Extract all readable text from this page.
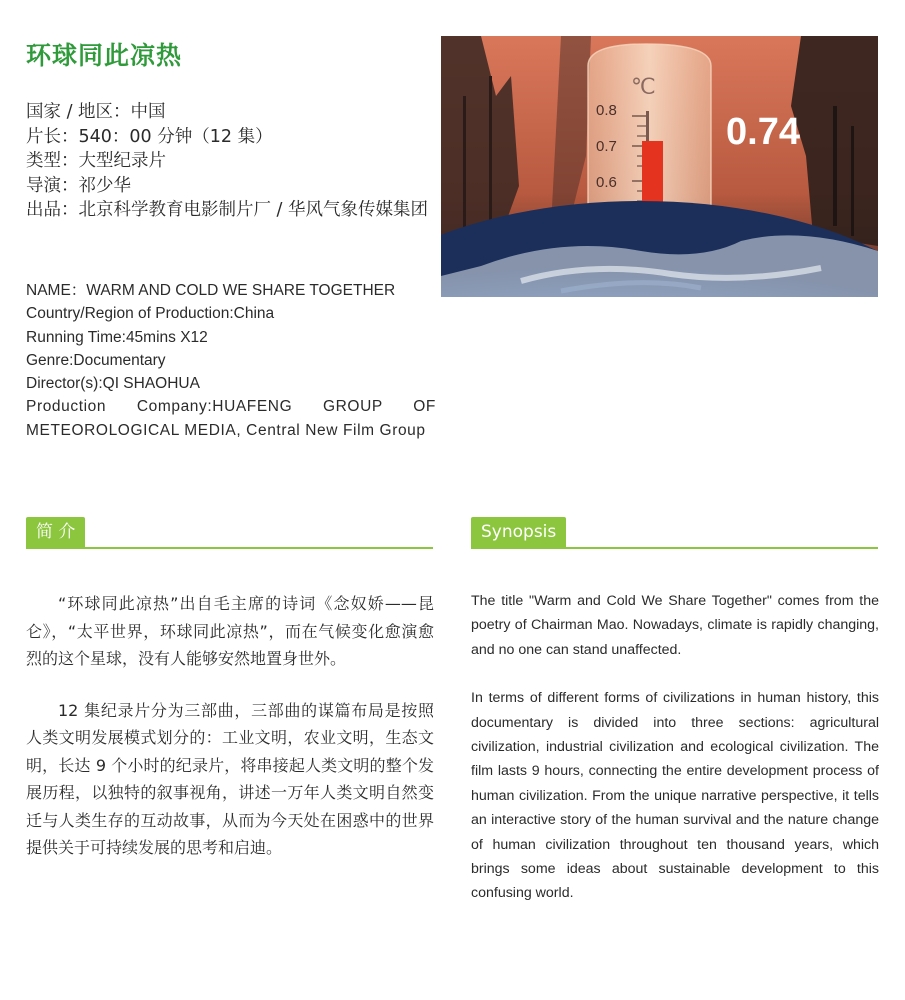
环球同此凉热
国家 / 地区：中国
片长：540：00 分钟（12 集）
类型：大型纪录片
导演：祁少华
出品：北京科学教育电影制片厂 / 华风气象传媒集团
NAME：WARM AND COLD WE SHARE TOGETHER
Country/Region of Production:China
Running Time:45mins X12
Genre:Documentary
Director(s):QI SHAOHUA
Production Company:HUAFENG GROUP OF METEOROLOGICAL MEDIA, Central New Film Group
℃
0.8
0.7
0.6
0.74
简 介	Synopsis

“环球同此凉热”出自毛主席的诗词《念奴娇——昆仑》，“太平世界，环球同此凉热”，而在气候变化愈演愈烈的这个星球，没有人能够安然地置身世外。

12 集纪录片分为三部曲，三部曲的谋篇布局是按照人类文明发展模式划分的：工业文明，农业文明，生态文明，长达 9 个小时的纪录片，将串接起人类文明的整个发展历程，以独特的叙事视角，讲述一万年人类文明自然变迁与人类生存的互动故事，从而为今天处在困惑中的世界提供关于可持续发展的思考和启迪。

The title "Warm and Cold We Share Together" comes from the poetry of Chairman Mao. Nowadays, climate is rapidly changing, and no one can stand unaffected.

In terms of different forms of civilizations in human history, this documentary is divided into three sections: agricultural civilization, industrial civilization and ecological civilization. The film lasts 9 hours, connecting the entire development process of human civilization. From the unique narrative perspective, it tells an interactive story of the human survival and the nature change of human civilization throughout ten thousand years, which brings some ideas about sustainable development to this confusing world.
